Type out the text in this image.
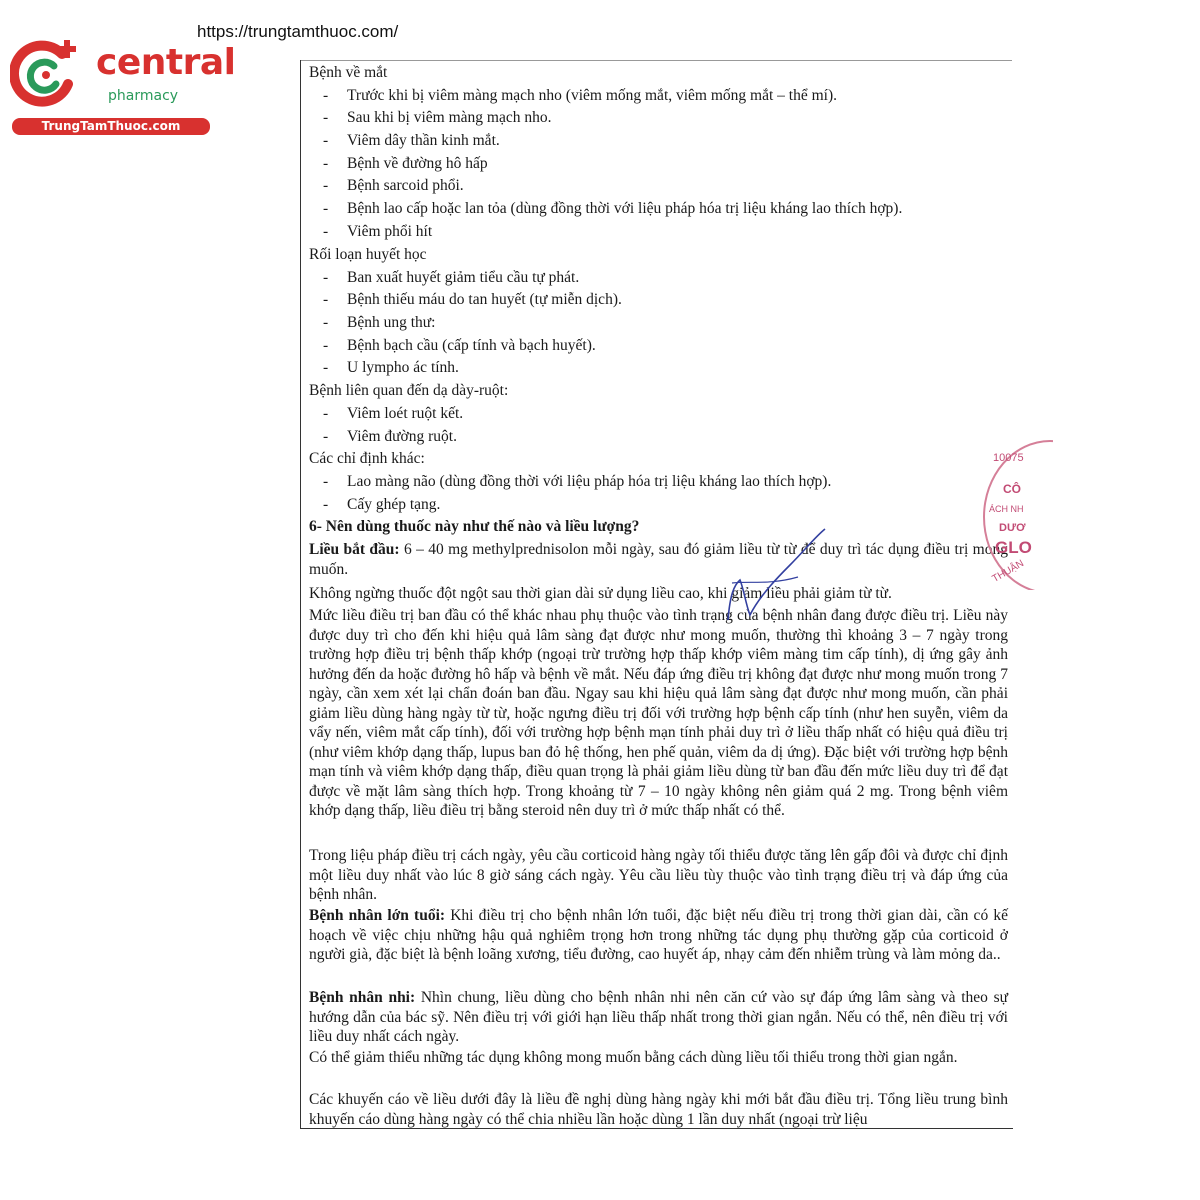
https://trungtamthuoc.com/
central
pharmacy
TrungTamThuoc.com
Bệnh về mắt
- Trước khi bị viêm màng mạch nho (viêm mống mắt, viêm mống mắt – thể mí).
- Sau khi bị viêm màng mạch nho.
- Viêm dây thần kinh mắt.
- Bệnh về đường hô hấp
- Bệnh sarcoid phổi.
- Bệnh lao cấp hoặc lan tỏa (dùng đồng thời với liệu pháp hóa trị liệu kháng lao thích hợp).
- Viêm phổi hít
Rối loạn huyết học
- Ban xuất huyết giảm tiểu cầu tự phát.
- Bệnh thiếu máu do tan huyết (tự miễn dịch).
- Bệnh ung thư:
- Bệnh bạch cầu (cấp tính và bạch huyết).
- U lympho ác tính.
Bệnh liên quan đến dạ dày-ruột:
- Viêm loét ruột kết.
- Viêm đường ruột.
Các chỉ định khác:
- Lao màng não (dùng đồng thời với liệu pháp hóa trị liệu kháng lao thích hợp).
- Cấy ghép tạng.
6- Nên dùng thuốc này như thế nào và liều lượng?
Liều bắt đầu: 6 – 40 mg methylprednisolon mỗi ngày, sau đó giảm liều từ từ để duy trì tác dụng điều trị mong muốn.
Không ngừng thuốc đột ngột sau thời gian dài sử dụng liều cao, khi giảm liều phải giảm từ từ.
Mức liều điều trị ban đầu có thể khác nhau phụ thuộc vào tình trạng của bệnh nhân đang được điều trị. Liều này được duy trì cho đến khi hiệu quả lâm sàng đạt được như mong muốn, thường thì khoảng 3 – 7 ngày trong trường hợp điều trị bệnh thấp khớp (ngoại trừ trường hợp thấp khớp viêm màng tim cấp tính), dị ứng gây ảnh hưởng đến da hoặc đường hô hấp và bệnh về mắt. Nếu đáp ứng điều trị không đạt được như mong muốn trong 7 ngày, cần xem xét lại chẩn đoán ban đầu. Ngay sau khi hiệu quả lâm sàng đạt được như mong muốn, cần phải giảm liều dùng hàng ngày từ từ, hoặc ngưng điều trị đối với trường hợp bệnh cấp tính (như hen suyễn, viêm da vẩy nến, viêm mắt cấp tính), đối với trường hợp bệnh mạn tính phải duy trì ở liều thấp nhất có hiệu quả điều trị (như viêm khớp dạng thấp, lupus ban đỏ hệ thống, hen phế quản, viêm da dị ứng). Đặc biệt với trường hợp bệnh mạn tính và viêm khớp dạng thấp, điều quan trọng là phải giảm liều dùng từ ban đầu đến mức liều duy trì để đạt được về mặt lâm sàng thích hợp. Trong khoảng từ 7 – 10 ngày không nên giảm quá 2 mg. Trong bệnh viêm khớp dạng thấp, liều điều trị bằng steroid nên duy trì ở mức thấp nhất có thể.
Trong liệu pháp điều trị cách ngày, yêu cầu corticoid hàng ngày tối thiểu được tăng lên gấp đôi và được chỉ định một liều duy nhất vào lúc 8 giờ sáng cách ngày. Yêu cầu liều tùy thuộc vào tình trạng điều trị và đáp ứng của bệnh nhân.
Bệnh nhân lớn tuổi: Khi điều trị cho bệnh nhân lớn tuổi, đặc biệt nếu điều trị trong thời gian dài, cần có kế hoạch về việc chịu những hậu quả nghiêm trọng hơn trong những tác dụng phụ thường gặp của corticoid ở người già, đặc biệt là bệnh loãng xương, tiểu đường, cao huyết áp, nhạy cảm đến nhiễm trùng và làm mỏng da..
Bệnh nhân nhi: Nhìn chung, liều dùng cho bệnh nhân nhi nên căn cứ vào sự đáp ứng lâm sàng và theo sự hướng dẫn của bác sỹ. Nên điều trị với giới hạn liều thấp nhất trong thời gian ngắn. Nếu có thể, nên điều trị với liều duy nhất cách ngày.
Có thể giảm thiểu những tác dụng không mong muốn bằng cách dùng liều tối thiểu trong thời gian ngắn.
Các khuyến cáo về liều dưới đây là liều đề nghị dùng hàng ngày khi mới bắt đầu điều trị. Tổng liều trung bình khuyến cáo dùng hàng ngày có thể chia nhiều lần hoặc dùng 1 lần duy nhất (ngoại trừ liệu
10075
CÔ
ÁCH NH
DƯƠ
GLO
THUẬN
